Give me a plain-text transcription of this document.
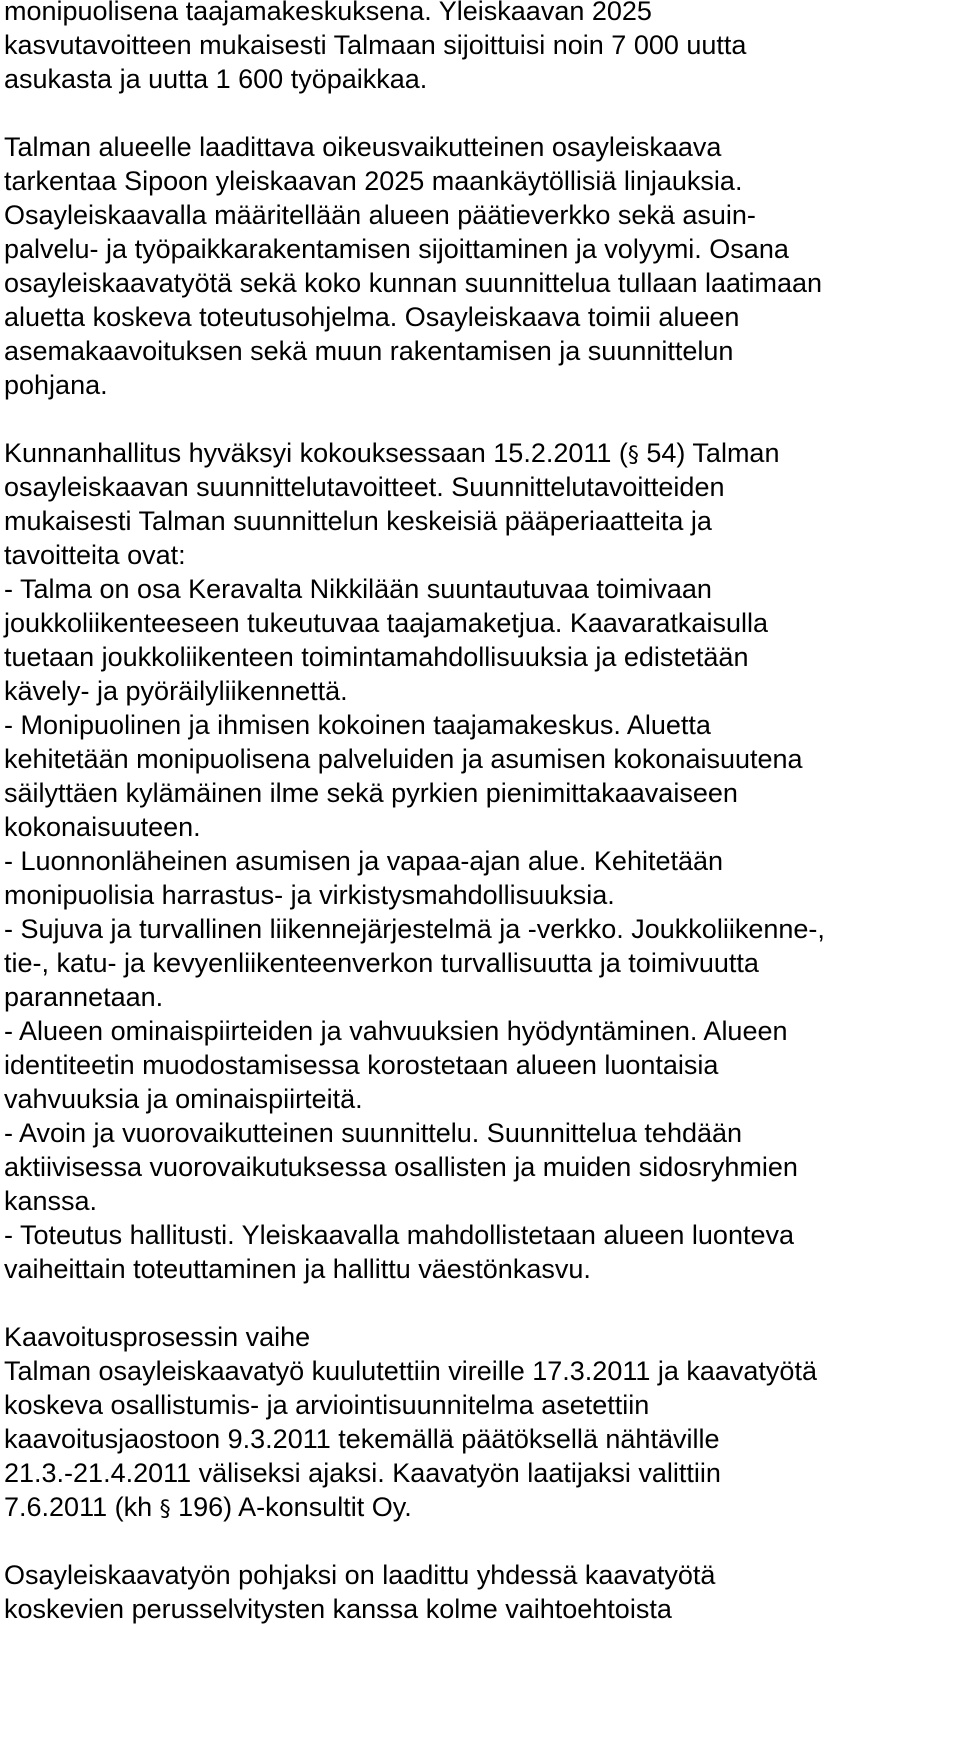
monipuolisena taajamakeskuksena. Yleiskaavan 2025
kasvutavoitteen mukaisesti Talmaan sijoittuisi noin 7 000 uutta
asukasta ja uutta 1 600 työpaikkaa.
Talman alueelle laadittava oikeusvaikutteinen osayleiskaava
tarkentaa Sipoon yleiskaavan 2025 maankäytöllisiä linjauksia.
Osayleiskaavalla määritellään alueen päätieverkko sekä asuin-
palvelu- ja työpaikkarakentamisen sijoittaminen ja volyymi. Osana
osayleiskaavatyötä sekä koko kunnan suunnittelua tullaan laatimaan
aluetta koskeva toteutusohjelma. Osayleiskaava toimii alueen
asemakaavoituksen sekä muun rakentamisen ja suunnittelun
pohjana.
Kunnanhallitus hyväksyi kokouksessaan 15.2.2011 (§ 54) Talman
osayleiskaavan suunnittelutavoitteet. Suunnittelutavoitteiden
mukaisesti Talman suunnittelun keskeisiä pääperiaatteita ja
tavoitteita ovat:
- Talma on osa Keravalta Nikkilään suuntautuvaa toimivaan
joukkoliikenteeseen tukeutuvaa taajamaketjua. Kaavaratkaisulla
tuetaan joukkoliikenteen toimintamahdollisuuksia ja edistetään
kävely- ja pyöräilyliikennettä.
- Monipuolinen ja ihmisen kokoinen taajamakeskus. Aluetta
kehitetään monipuolisena palveluiden ja asumisen kokonaisuutena
säilyttäen kylämäinen ilme sekä pyrkien pienimittakaavaiseen
kokonaisuuteen.
- Luonnonläheinen asumisen ja vapaa-ajan alue. Kehitetään
monipuolisia harrastus- ja virkistysmahdollisuuksia.
- Sujuva ja turvallinen liikennejärjestelmä ja -verkko. Joukkoliikenne-,
tie-, katu- ja kevyenliikenteenverkon turvallisuutta ja toimivuutta
parannetaan.
- Alueen ominaispiirteiden ja vahvuuksien hyödyntäminen. Alueen
identiteetin muodostamisessa korostetaan alueen luontaisia
vahvuuksia ja ominaispiirteitä.
- Avoin ja vuorovaikutteinen suunnittelu. Suunnittelua tehdään
aktiivisessa vuorovaikutuksessa osallisten ja muiden sidosryhmien
kanssa.
- Toteutus hallitusti. Yleiskaavalla mahdollistetaan alueen luonteva
vaiheittain toteuttaminen ja hallittu väestönkasvu.
Kaavoitusprosessin vaihe
Talman osayleiskaavatyö kuulutettiin vireille 17.3.2011 ja kaavatyötä
koskeva osallistumis- ja arviointisuunnitelma asetettiin
kaavoitusjaostoon 9.3.2011 tekemällä päätöksellä nähtäville
21.3.-21.4.2011 väliseksi ajaksi. Kaavatyön laatijaksi valittiin
7.6.2011 (kh § 196) A-konsultit Oy.
Osayleiskaavatyön pohjaksi on laadittu yhdessä kaavatyötä
koskevien perusselvitysten kanssa kolme vaihtoehtoista
